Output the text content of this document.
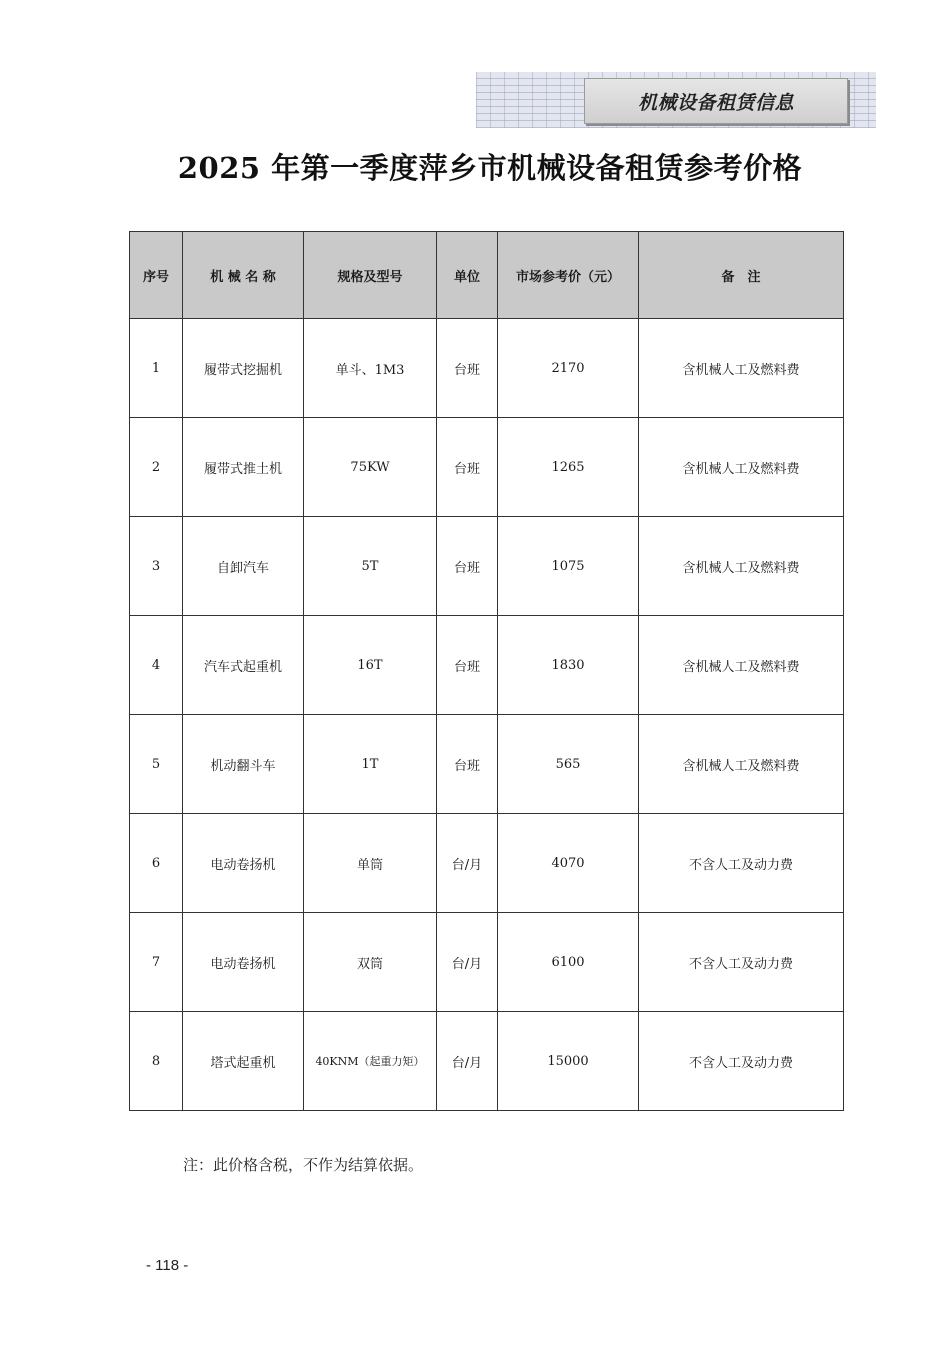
机械设备租赁信息
2025 年第一季度萍乡市机械设备租赁参考价格
序号	机 械 名 称	规格及型号	单位	市场参考价（元）	备　注
1	履带式挖掘机	单斗、1M3	台班	2170	含机械人工及燃料费
2	履带式推土机	75KW	台班	1265	含机械人工及燃料费
3	自卸汽车	5T	台班	1075	含机械人工及燃料费
4	汽车式起重机	16T	台班	1830	含机械人工及燃料费
5	机动翻斗车	1T	台班	565	含机械人工及燃料费
6	电动卷扬机	单筒	台/月	4070	不含人工及动力费
7	电动卷扬机	双筒	台/月	6100	不含人工及动力费
8	塔式起重机	40KNM（起重力矩）	台/月	15000	不含人工及动力费
注：此价格含税，不作为结算依据。
- 118 -
